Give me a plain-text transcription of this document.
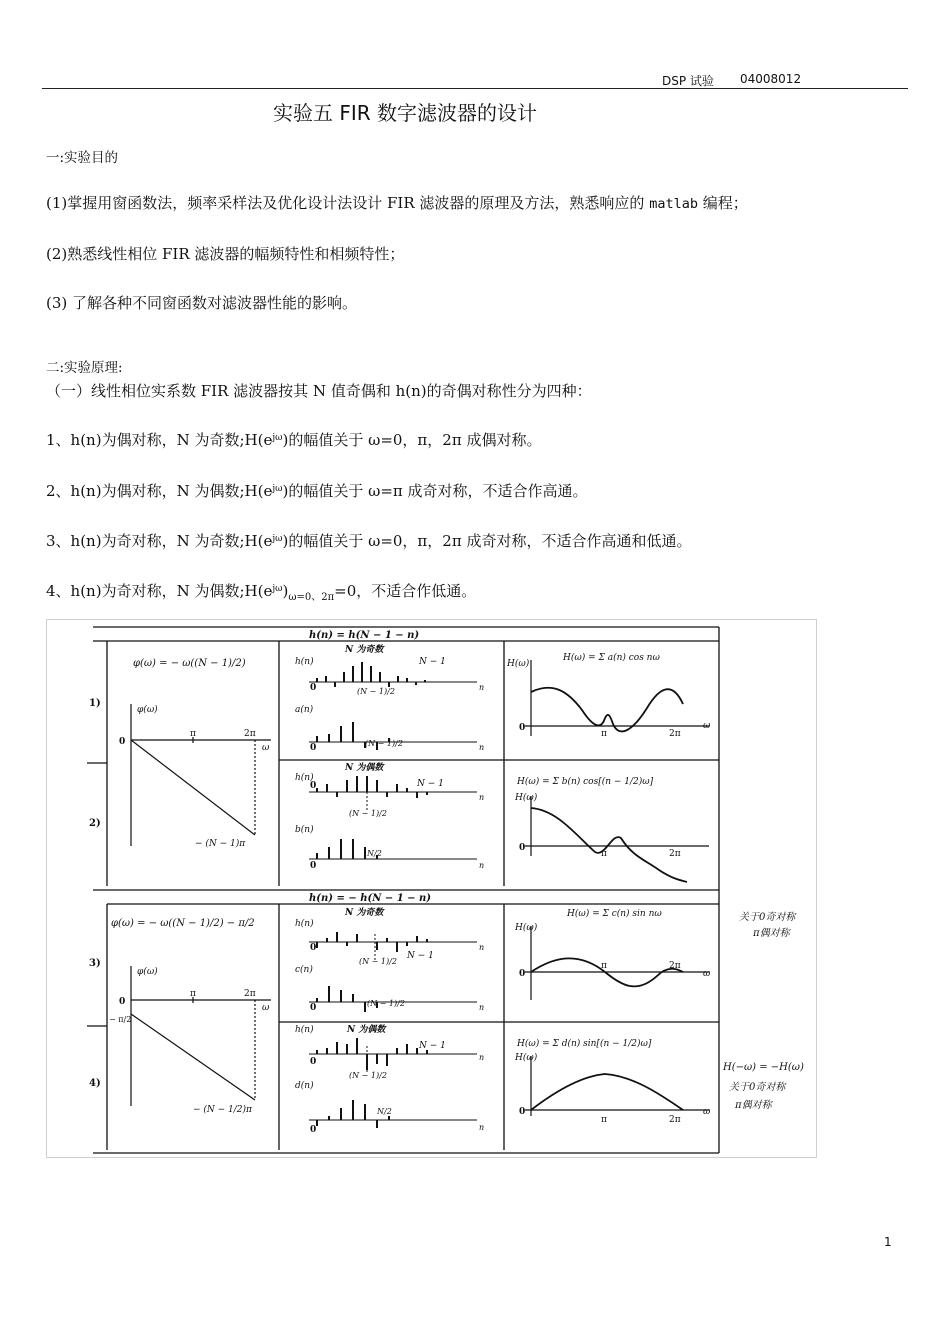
DSP 试验 04008012
实验五 FIR 数字滤波器的设计
一:实验目的
(1)掌握用窗函数法，频率采样法及优化设计法设计 FIR 滤波器的原理及方法，熟悉响应的 matlab 编程；
(2)熟悉线性相位 FIR 滤波器的幅频特性和相频特性；
(3) 了解各种不同窗函数对滤波器性能的影响。
二:实验原理:
（一）线性相位实系数 FIR 滤波器按其 N 值奇偶和 h(n)的奇偶对称性分为四种：
1、h(n)为偶对称，N 为奇数$;H(e^{j\omega})$的幅值关于 ω=0，π，2π 成偶对称。
2、h(n)为偶对称，N 为偶数$;H(e^{j\omega})$的幅值关于 ω=π 成奇对称，不适合作高通。
3、h(n)为奇对称，N 为奇数$;H(e^{j\omega})$的幅值关于 ω=0，π，2π 成奇对称，不适合作高通和低通。
4、h(n)为奇对称，N 为偶数$;H(e^{j\omega})_{\omega=0、2\pi}=0$，不适合作低通。
h(n) = h(N − 1 − n)
h(n) = − h(N − 1 − n)
1)
2)
3)
4)
φ(ω) = − ω((N − 1)/2)
φ(ω)
0
π	2π
ω
− (N − 1)π
φ(ω) = − ω((N − 1)/2) − π/2
φ(ω)
0
− π/2
π	2π
ω
− (N − 1/2)π
N 为奇数
h(n)	N − 1
0	(N − 1)/2	n
a(n)
0	(N − 1)/2	n
N 为偶数
h(n)
N − 1
0
(N − 1)/2
n
b(n)
0
N/2
n
N 为奇数
h(n)
N − 1
0
(N − 1)/2
n
c(n)
0	(N − 1)/2	n
N 为偶数
h(n)
N − 1
0
(N − 1)/2
n
d(n)
0
N/2
n
H(ω)
H(ω) = Σ a(n) cos nω
0
π	2π
ω
H(ω) = Σ b(n) cos[(n − 1/2)ω]
H(ω)
0
π	2π
H(ω) = Σ c(n) sin nω
H(ω)
0
π	2π
ω
H(ω) = Σ d(n) sin[(n − 1/2)ω]
H(ω)
0
π	2π
ω
关于0奇对称
π偶对称
H(−ω) = −H(ω)
关于0奇对称
π偶对称
1
